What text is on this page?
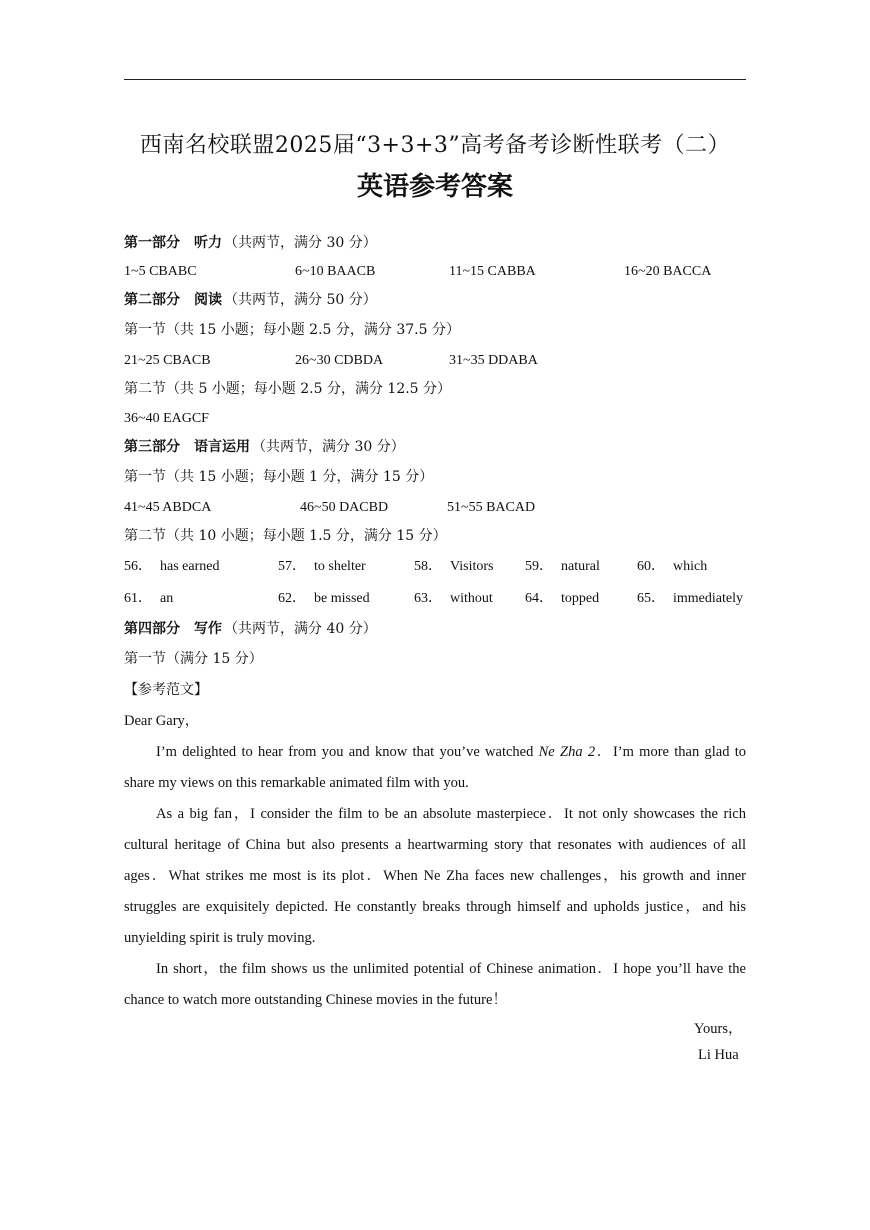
西南名校联盟2025届“3+3+3”高考备考诊断性联考（二）
英语参考答案
第一部分 听力 （共两节，满分 30 分）
1~5 CBABC	6~10 BAACB	11~15 CABBA	16~20 BACCA
第二部分 阅读 （共两节，满分 50 分）
第一节（共 15 小题；每小题 2.5 分，满分 37.5 分）
21~25 CBACB	26~30 CDBDA	31~35 DDABA
第二节（共 5 小题；每小题 2.5 分，满分 12.5 分）
36~40 EAGCF
第三部分 语言运用 （共两节，满分 30 分）
第一节（共 15 小题；每小题 1 分，满分 15 分）
41~45 ABDCA	46~50 DACBD	51~55 BACAD
第二节（共 10 小题；每小题 1.5 分，满分 15 分）
56． has earned	57． to shelter	58． Visitors 59． natural	60． which
61． an	62． be missed	63． without 64． topped	65． immediately
第四部分 写作 （共两节，满分 40 分）
第一节（满分 15 分）
【参考范文】
Dear Gary，

I’m delighted to hear from you and know that you’ve watched Ne Zha 2．I’m more than glad to share my views on this remarkable animated film with you.

As a big fan，I consider the film to be an absolute masterpiece．It not only showcases the rich cultural heritage of China but also presents a heartwarming story that resonates with audiences of all ages．What strikes me most is its plot．When Ne Zha faces new challenges，his growth and inner struggles are exquisitely depicted. He constantly breaks through himself and upholds justice，and his unyielding spirit is truly moving.

In short，the film shows us the unlimited potential of Chinese animation．I hope you’ll have the chance to watch more outstanding Chinese movies in the future！

Yours，
Li Hua
